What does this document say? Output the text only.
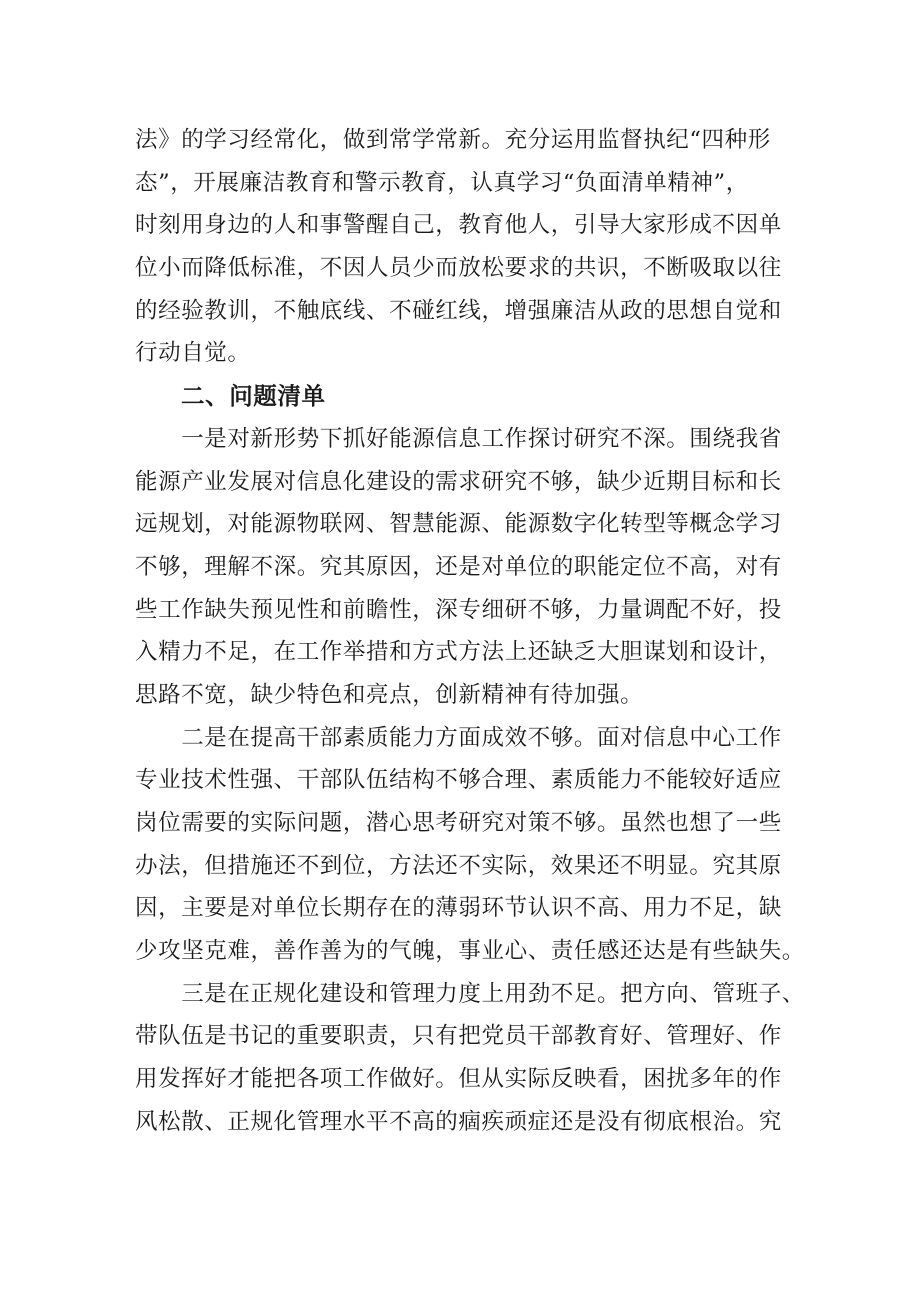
法》的学习经常化，做到常学常新。充分运用监督执纪“四种形
态”，开展廉洁教育和警示教育，认真学习“负面清单精神”，
时刻用身边的人和事警醒自己，教育他人，引导大家形成不因单
位小而降低标准，不因人员少而放松要求的共识，不断吸取以往
的经验教训，不触底线、不碰红线，增强廉洁从政的思想自觉和
行动自觉。
二、问题清单
　　一是对新形势下抓好能源信息工作探讨研究不深。围绕我省
能源产业发展对信息化建设的需求研究不够，缺少近期目标和长
远规划，对能源物联网、智慧能源、能源数字化转型等概念学习
不够，理解不深。究其原因，还是对单位的职能定位不高，对有
些工作缺失预见性和前瞻性，深专细研不够，力量调配不好，投
入精力不足，在工作举措和方式方法上还缺乏大胆谋划和设计，
思路不宽，缺少特色和亮点，创新精神有待加强。
　　二是在提高干部素质能力方面成效不够。面对信息中心工作
专业技术性强、干部队伍结构不够合理、素质能力不能较好适应
岗位需要的实际问题，潜心思考研究对策不够。虽然也想了一些
办法，但措施还不到位，方法还不实际，效果还不明显。究其原
因，主要是对单位长期存在的薄弱环节认识不高、用力不足，缺
少攻坚克难，善作善为的气魄，事业心、责任感还达是有些缺失。
　　三是在正规化建设和管理力度上用劲不足。把方向、管班子、
带队伍是书记的重要职责，只有把党员干部教育好、管理好、作
用发挥好才能把各项工作做好。但从实际反映看，困扰多年的作
风松散、正规化管理水平不高的痼疾顽症还是没有彻底根治。究
